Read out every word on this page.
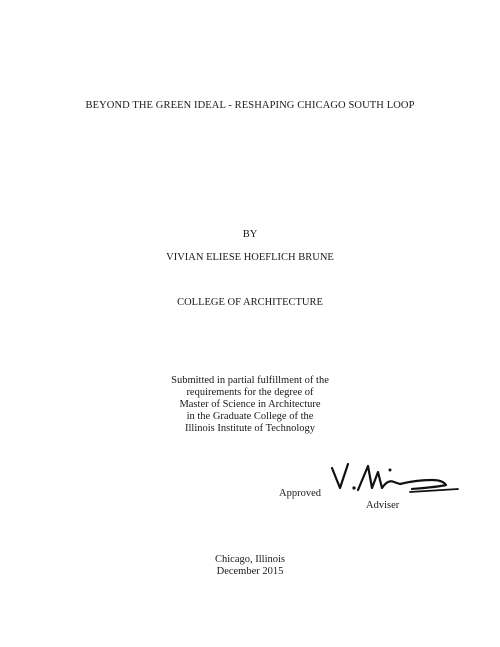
BEYOND THE GREEN IDEAL - RESHAPING CHICAGO SOUTH LOOP
BY
VIVIAN ELIESE HOEFLICH BRUNE
COLLEGE OF ARCHITECTURE
Submitted in partial fulfillment of the
requirements for the degree of
Master of Science in Architecture
in the Graduate College of the
Illinois Institute of Technology
Approved
Adviser
Chicago, Illinois
December 2015
